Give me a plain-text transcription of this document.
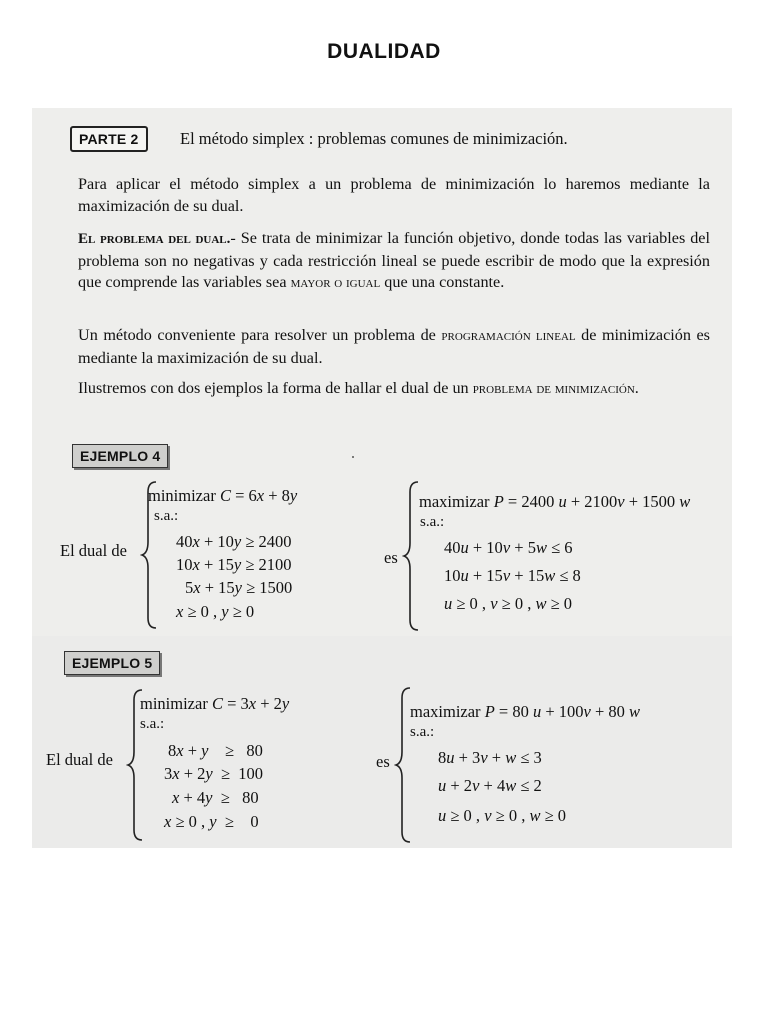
DUALIDAD
PARTE 2	El método simplex : problemas comunes de minimización.
Para aplicar el método simplex a un problema de minimización lo haremos mediante la maximización de su dual.
El problema del dual.- Se trata de minimizar la función objetivo, donde todas las variables del problema son no negativas y cada restricción lineal se puede escribir de modo que la expresión que comprende las variables sea mayor o igual que una constante.
Un método conveniente para resolver un problema de programación lineal de minimización es mediante la maximización de su dual.
Ilustremos con dos ejemplos la forma de hallar el dual de un problema de minimización.
EJEMPLO 4
El dual de
minimizar C = 6x + 8y
s.a.:
40x + 10y ≥ 2400
10x + 15y ≥ 2100
5x + 15y ≥ 1500
x ≥ 0 , y ≥ 0
es
maximizar P = 2400 u + 2100v + 1500 w
s.a.:
40u + 10v + 5w ≤ 6
10u + 15v + 15w ≤ 8
u ≥ 0 , v ≥ 0 , w ≥ 0
EJEMPLO 5
El dual de
minimizar C = 3x + 2y
s.a.:
8x + y    ≥   80
3x + 2y  ≥  100
x + 4y  ≥   80
x ≥ 0 , y  ≥    0
es
maximizar P = 80 u + 100v + 80 w
s.a.:
8u + 3v + w ≤ 3
u + 2v + 4w ≤ 2
u ≥ 0 , v ≥ 0 , w ≥ 0
